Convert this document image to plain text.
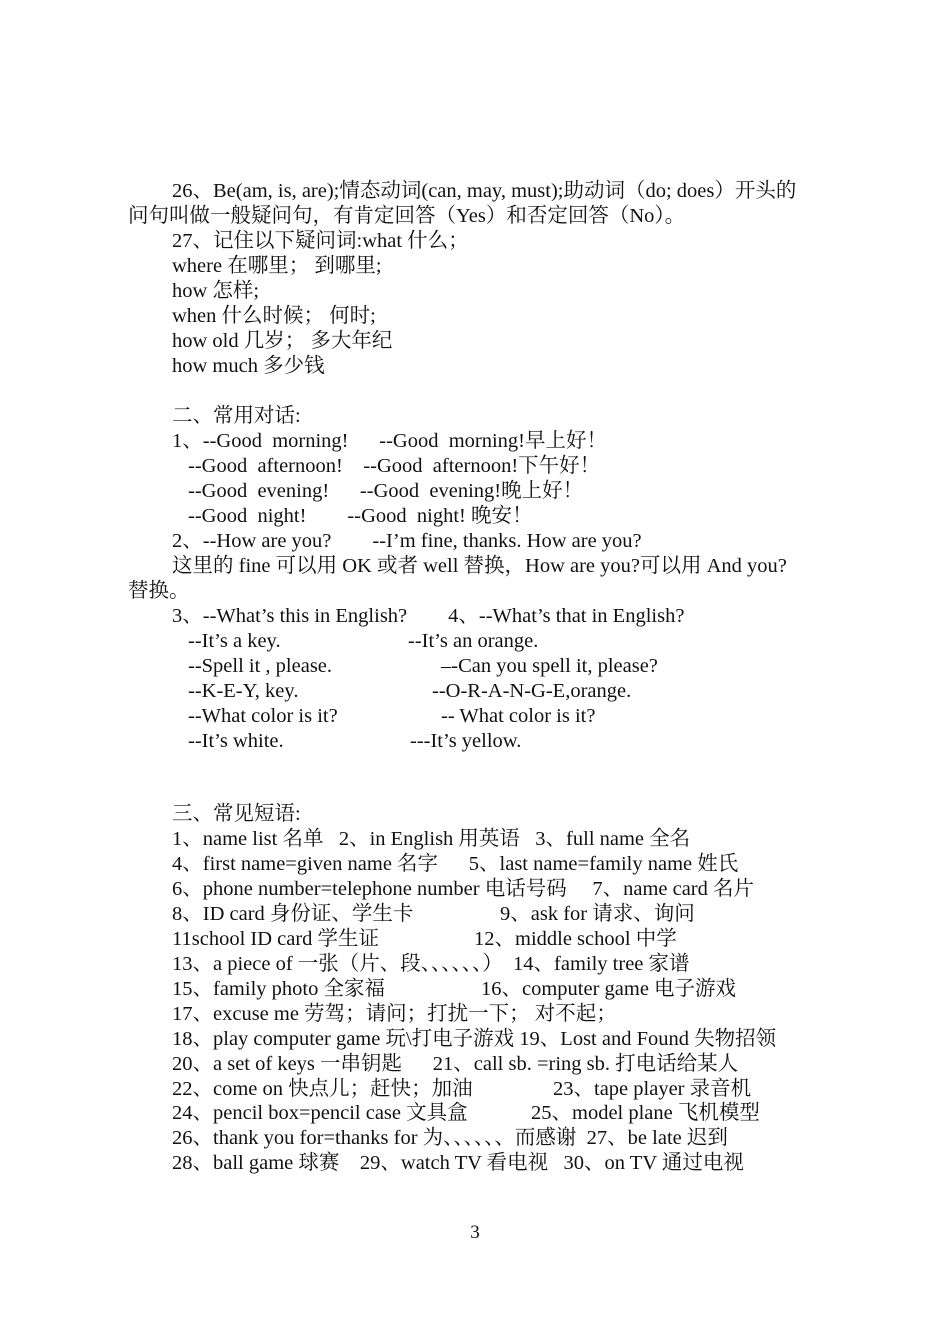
26、Be(am, is, are);情态动词(can, may, must);助动词（do; does）开头的
问句叫做一般疑问句，有肯定回答（Yes）和否定回答（No）。
27、记住以下疑问词:what 什么；
where 在哪里； 到哪里;
how 怎样;
when 什么时候； 何时;
how old 几岁； 多大年纪
how much 多少钱
二、常用对话:
1、--Good  morning!      --Good  morning!早上好！
--Good  afternoon!    --Good  afternoon!下午好！
--Good  evening!      --Good  evening!晚上好！
--Good  night!        --Good  night! 晚安！
2、--How are you?        --I’m fine, thanks. How are you?
这里的 fine 可以用 OK 或者 well 替换，How are you?可以用 And you?
替换。
3、--What’s this in English?        4、--What’s that in English?
--It’s a key.	--It’s an orange.
--Spell it , please.	–-Can you spell it, please?
--K-E-Y, key.	--O-R-A-N-G-E,orange.
--What color is it?	-- What color is it?
--It’s white.	---It’s yellow.
三、常见短语:
1、name list 名单   2、in English 用英语   3、full name 全名
4、first name=given name 名字      5、last name=family name 姓氏
6、phone number=telephone number 电话号码     7、name card 名片
8、ID card 身份证、学生卡	9、ask for 请求、询问
11school ID card 学生证	12、middle school 中学
13、a piece of 一张（片、段、、、、、、）  14、family tree 家谱
15、family photo 全家福	16、computer game 电子游戏
17、excuse me 劳驾；请问；打扰一下； 对不起；
18、play computer game 玩\打电子游戏 19、Lost and Found 失物招领
20、a set of keys 一串钥匙      21、call sb. =ring sb. 打电话给某人
22、come on 快点儿；赶快；加油	23、tape player 录音机
24、pencil box=pencil case 文具盒	25、model plane 飞机模型
26、thank you for=thanks for 为、、、、、、而感谢  27、be late 迟到
28、ball game 球赛    29、watch TV 看电视   30、on TV 通过电视
3
